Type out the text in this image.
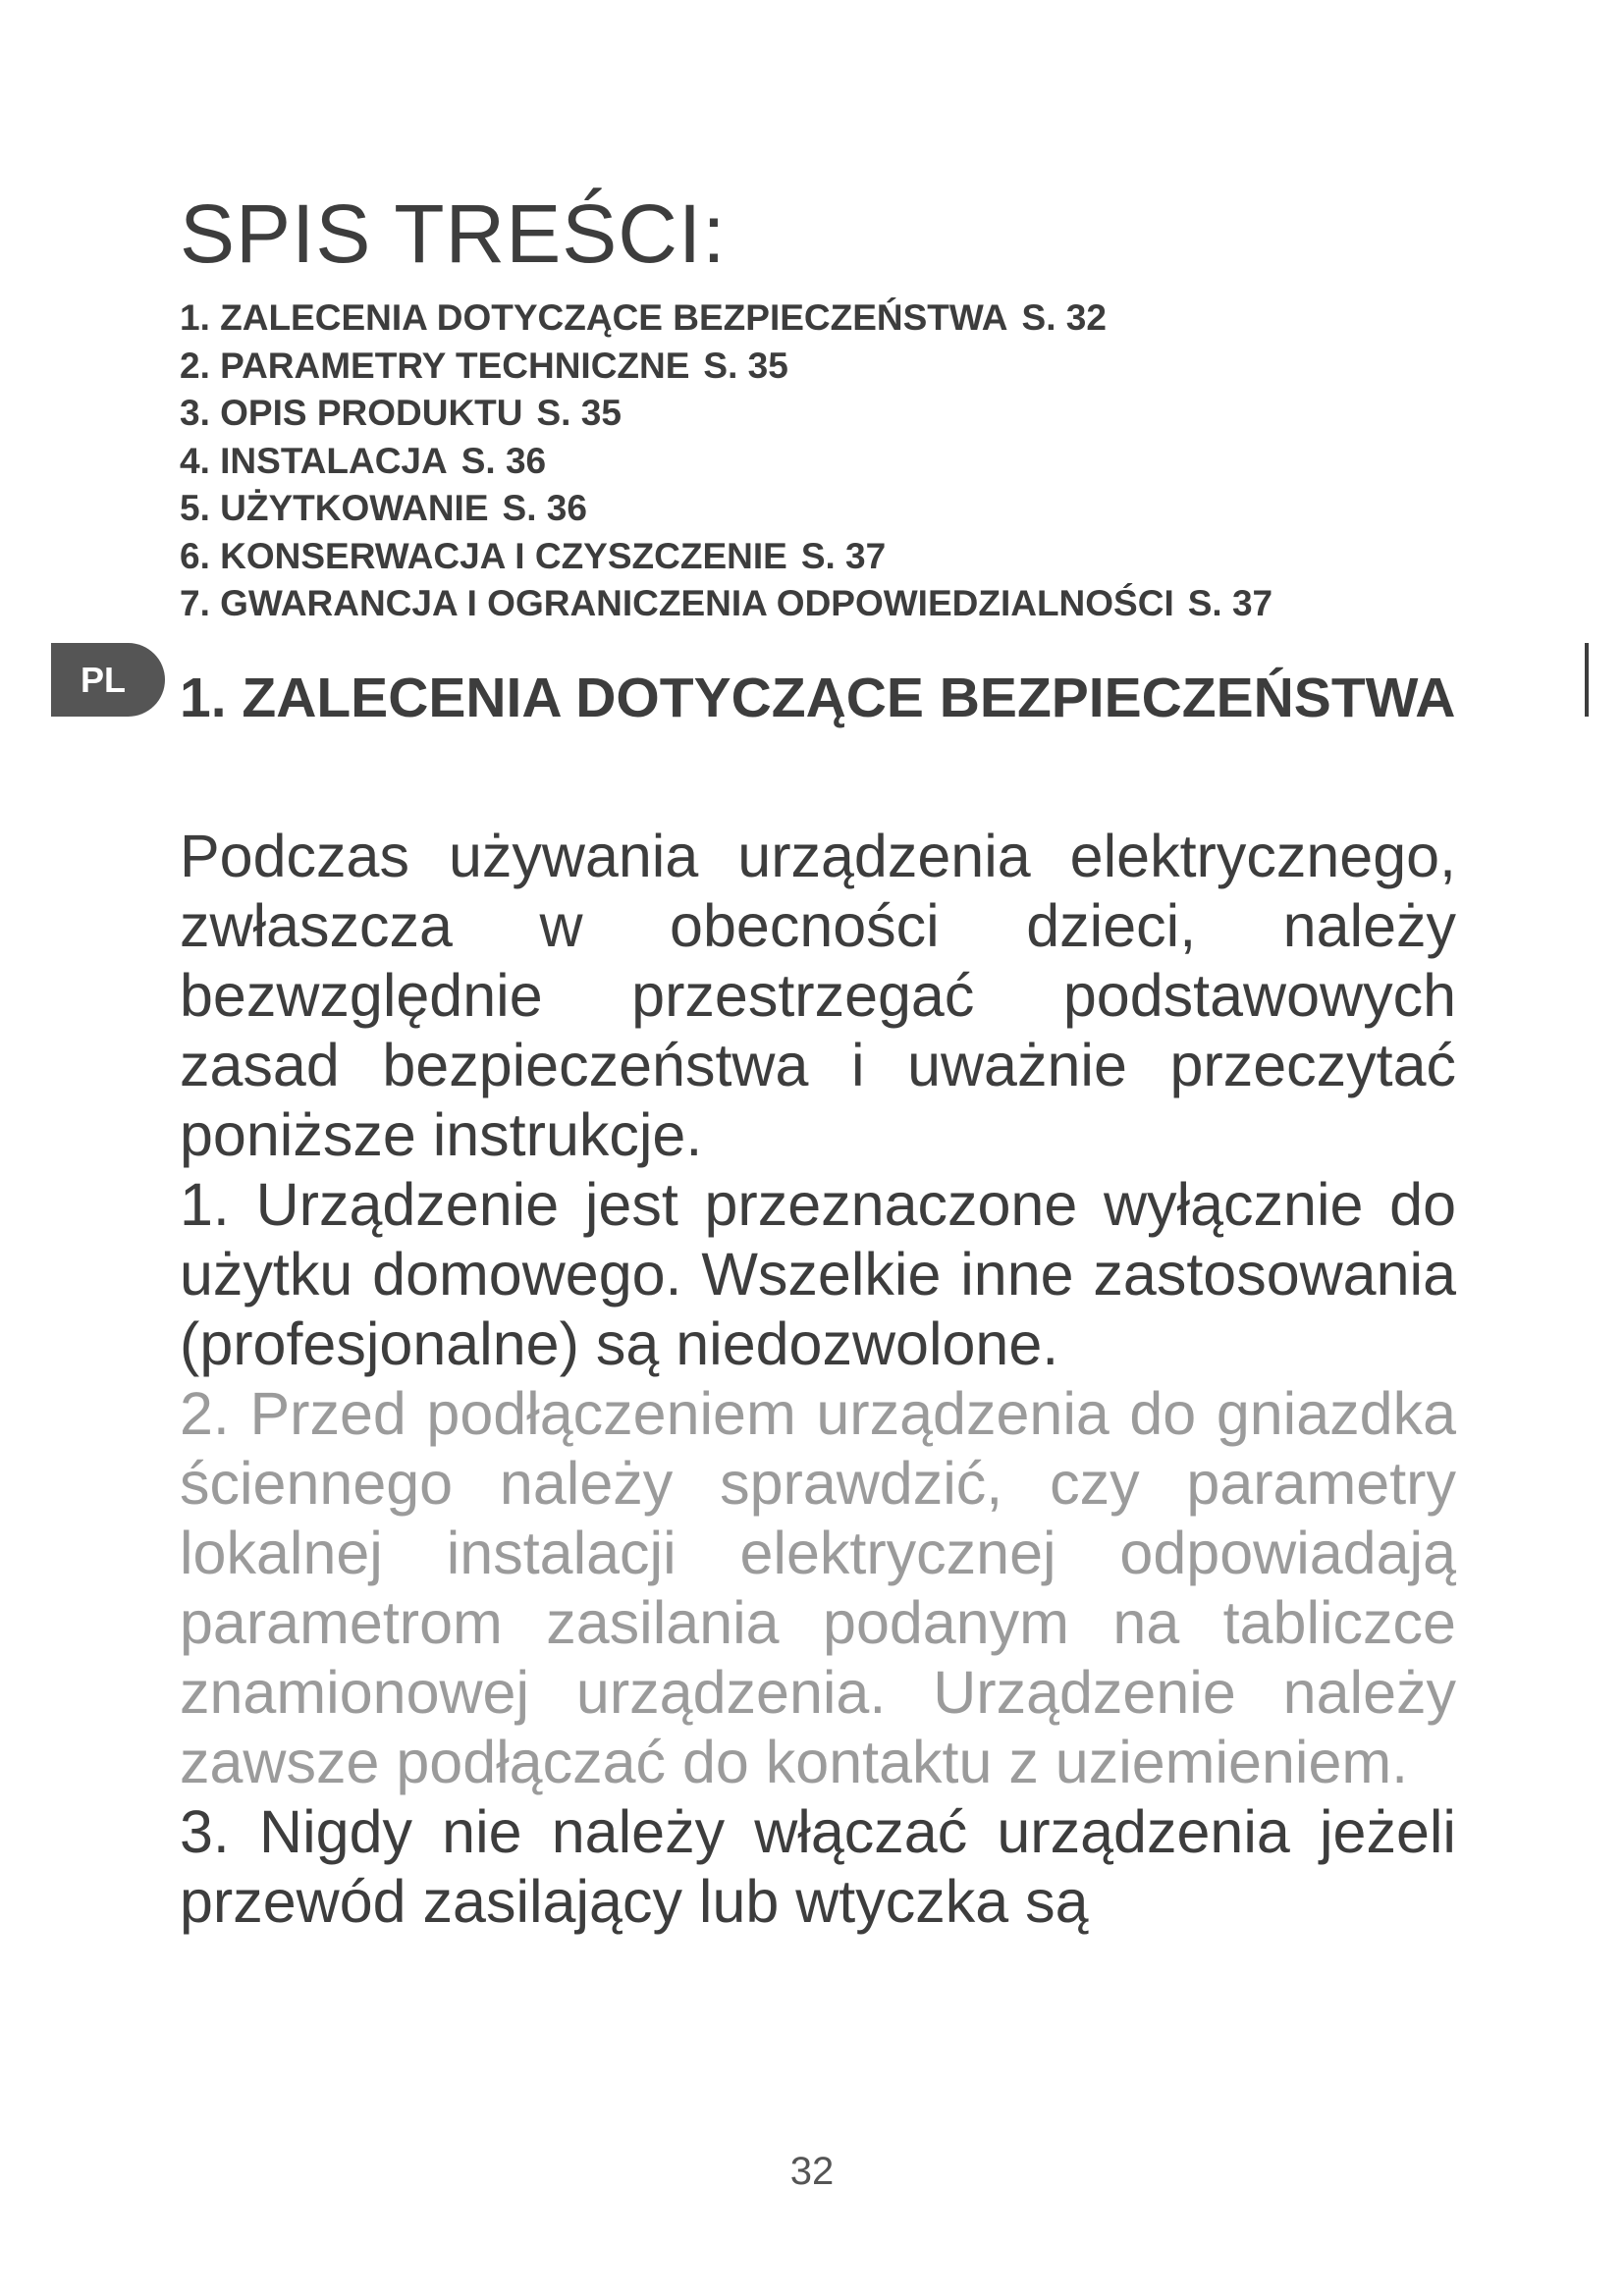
SPIS TREŚCI:
1. ZALECENIA DOTYCZĄCE BEZPIECZEŃSTWA S. 32
2. PARAMETRY TECHNICZNE S. 35
3. OPIS PRODUKTU S. 35
4. INSTALACJA S. 36
5. UŻYTKOWANIE S. 36
6. KONSERWACJA I CZYSZCZENIE S. 37
7. GWARANCJA I OGRANICZENIA ODPOWIEDZIALNOŚCI S. 37
PL 1. ZALECENIA DOTYCZĄCE BEZPIECZEŃSTWA

Podczas używania urządzenia elektrycznego, zwłaszcza w obecności dzieci, należy bezwzględnie przestrzegać podstawowych zasad bezpieczeństwa i uważnie przeczytać poniższe instrukcje.

1. Urządzenie jest przeznaczone wyłącznie do użytku domowego. Wszelkie inne zastosowania (profesjonalne) są niedozwolone.

2. Przed podłączeniem urządzenia do gniazdka ściennego należy sprawdzić, czy parametry lokalnej instalacji elektrycznej odpowiadają parametrom zasilania podanym na tabliczce znamionowej urządzenia. Urządzenie należy zawsze podłączać do kontaktu z uziemieniem.

3. Nigdy nie należy włączać urządzenia jeżeli przewód zasilający lub wtyczka są

32
